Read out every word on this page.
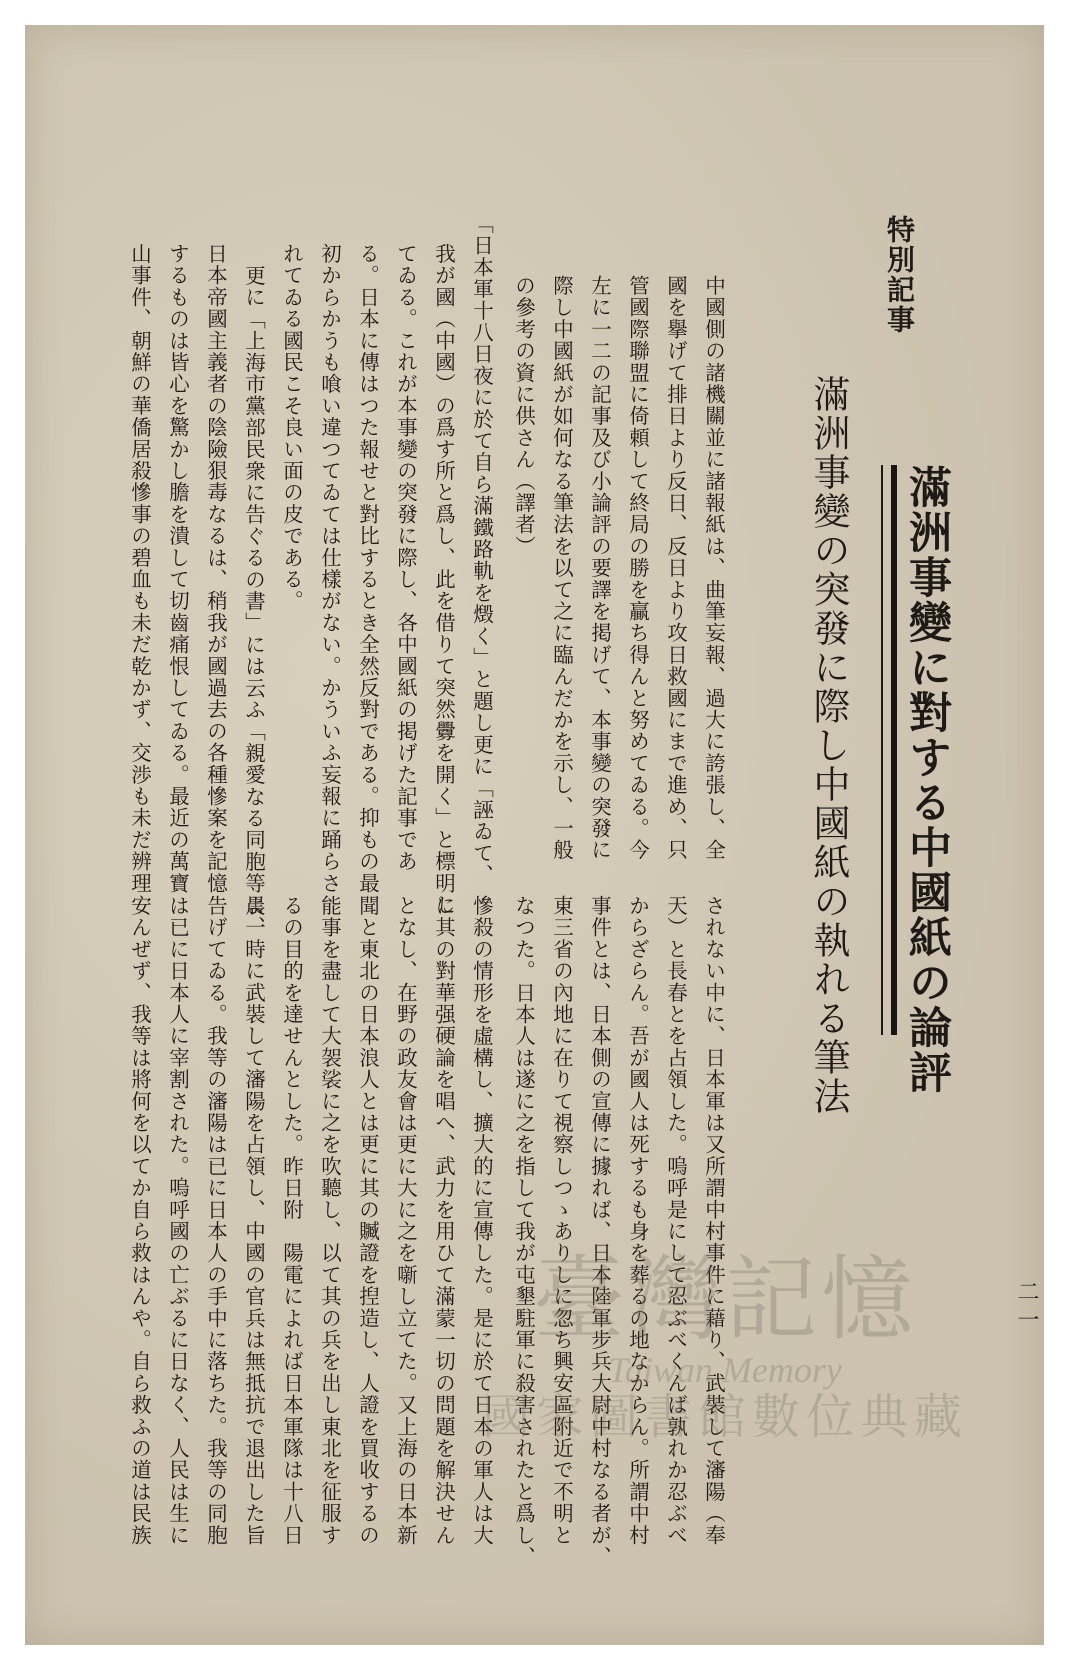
特別記事
滿洲事變に對する中國紙の論評
滿洲事變の突發に際し中國紙の執れる筆法
中國側の諸機關並に諸報紙は、曲筆妄報、過大に誇張し、全
國を擧げて排日より反日、反日より攻日救國にまで進め、只
管國際聯盟に倚頼して終局の勝を贏ち得んと努めてゐる。今
左に一二の記事及び小論評の要譯を掲げて、本事變の突發に
際し中國紙が如何なる筆法を以て之に臨んだかを示し、一般
の參考の資に供さん（譯者）
「日本軍十八日夜に於て自ら滿鐵路軌を燬く」と題し更に「誣ゐて、
我が國（中國）の爲す所と爲し、此を借りて突然釁を開く」と標明し
てゐる。これが本事變の突發に際し、各中國紙の掲げた記事であ
る。日本に傳はつた報せと對比するとき全然反對である。抑もの最
初からかうも喰い違つてゐては仕樣がない。かういふ妄報に踊らさ
れてゐる國民こそ良い面の皮である。
更に「上海市黨部民衆に告ぐるの書」には云ふ「親愛なる同胞等よ、
日本帝國主義者の陰險狠毒なるは、稍我が國過去の各種慘案を記憶
するものは皆心を驚かし膽を潰して切齒痛恨してゐる。最近の萬寶
山事件、朝鮮の華僑居殺慘事の碧血も未だ乾かず、交渉も未だ辨理
されない中に、日本軍は又所謂中村事件に藉り、武裝して瀋陽（奉
天）と長春とを占領した。嗚呼是にして忍ぶべくんば孰れか忍ぶべ
からざらん。吾が國人は死するも身を葬るの地なからん。所謂中村
事件とは、日本側の宣傳に據れば、日本陸軍步兵大尉中村なる者が、
東三省の內地に在りて視察しつゝありしに忽ち興安區附近で不明と
なつた。日本人は遂に之を指して我が屯墾駐軍に殺害されたと爲し、
慘殺の情形を虛構し、擴大的に宣傳した。是に於て日本の軍人は大
に其の對華强硬論を唱へ、武力を用ひて滿蒙一切の問題を解決せん
となし、在野の政友會は更に大に之を噺し立てた。又上海の日本新
聞と東北の日本浪人とは更に其の贓證を揑造し、人證を買收するの
能事を盡して大袈裟に之を吹聽し、以て其の兵を出し東北を征服す
るの目的を達せんとした。昨日附　陽電によれば日本軍隊は十八日
晨一時に武裝して瀋陽を占領し、中國の官兵は無抵抗で退出した旨
告げてゐる。我等の瀋陽は已に日本人の手中に落ちた。我等の同胞
は已に日本人に宰割された。嗚呼國の亡ぶるに日なく、人民は生に
安んぜず、我等は將何を以てか自ら救はんや。自ら救ふの道は民族	二一
臺灣記憶
Taiwan Memory
國家圖書館數位典藏
